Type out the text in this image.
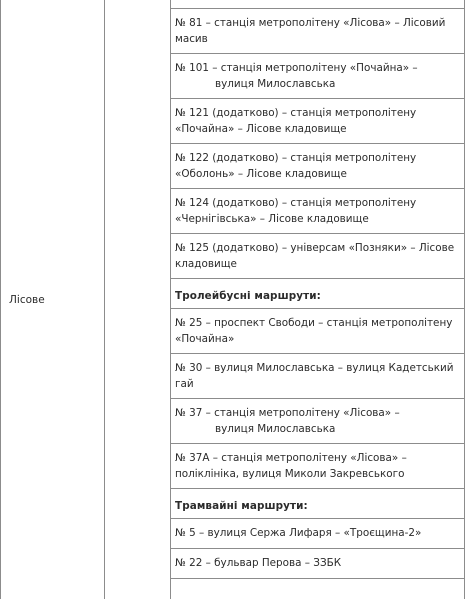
Лісове
№ 81 – станція метрополітену «Лісова» – Лісовий
масив
№ 101 – станція метрополітену «Почайна» –
вулиця Милославська
№ 121 (додатково) – станція метрополітену
«Почайна» – Лісове кладовище
№ 122 (додатково) – станція метрополітену
«Оболонь» – Лісове кладовище
№ 124 (додатково) – станція метрополітену
«Чернігівська» – Лісове кладовище
№ 125 (додатково) – універсам «Позняки» – Лісове
кладовище
Тролейбусні маршрути:
№ 25 – проспект Свободи – станція метрополітену
«Почайна»
№ 30 – вулиця Милославська – вулиця Кадетський
гай
№ 37 – станція метрополітену «Лісова» –
вулиця Милославська
№ 37А – станція метрополітену «Лісова» –
поліклініка, вулиця Миколи Закревського
Трамвайні маршрути:
№ 5 – вулиця Сержа Лифаря – «Троєщина-2»
№ 22 – бульвар Перова – ЗЗБК
